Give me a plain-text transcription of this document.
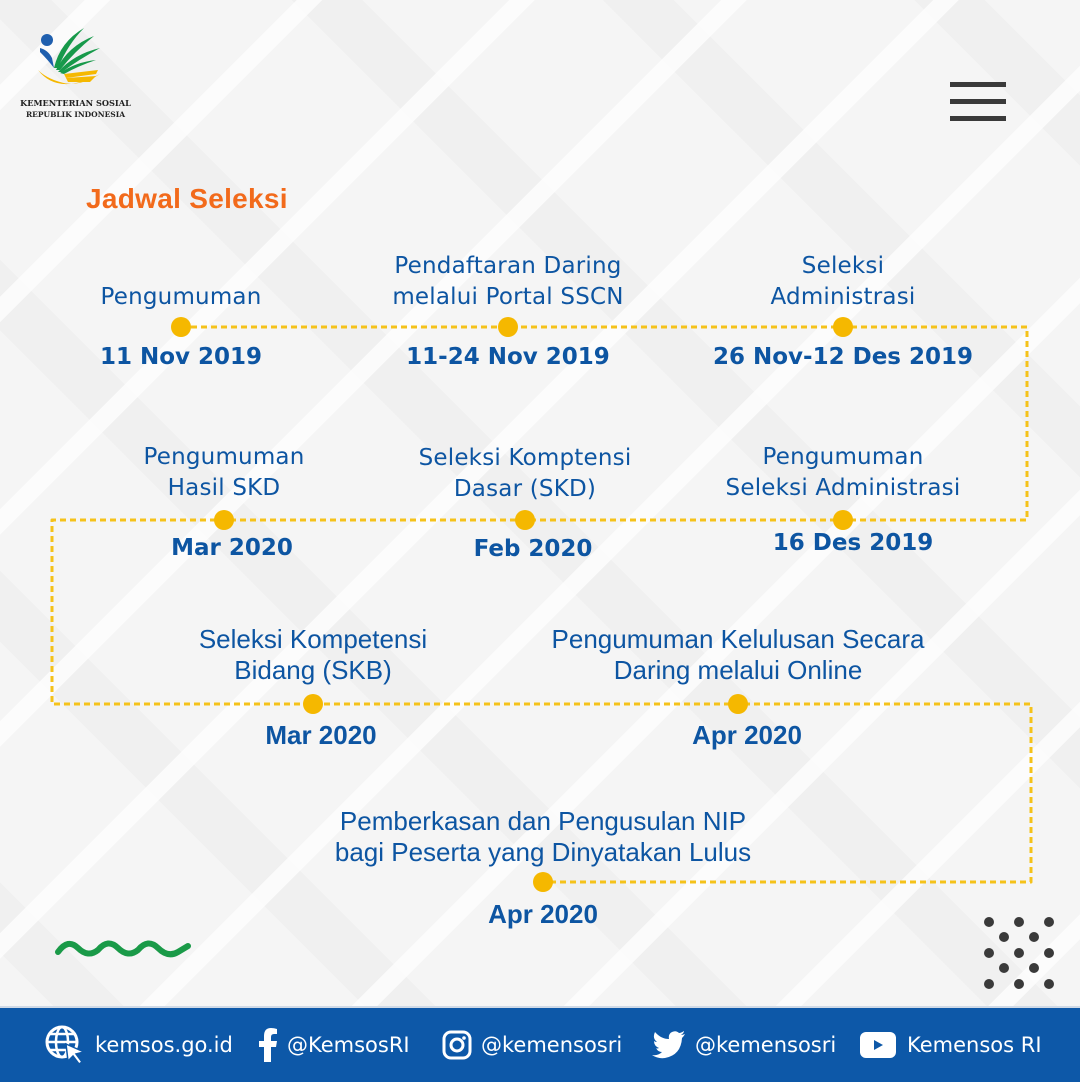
KEMENTERIAN SOSIAL
REPUBLIK INDONESIA
Jadwal Seleksi
Pengumuman
11 Nov 2019
Pendaftaran Daring
melalui Portal SSCN
11-24 Nov 2019
Seleksi
Administrasi
26 Nov-12 Des 2019
Pengumuman
Seleksi Administrasi
16 Des 2019
Seleksi Komptensi
Dasar (SKD)
Feb 2020
Pengumuman
Hasil SKD
Mar 2020
Seleksi Kompetensi
Bidang (SKB)
Mar 2020
Pengumuman Kelulusan Secara
Daring melalui Online
Apr 2020
Pemberkasan dan Pengusulan NIP
bagi Peserta yang Dinyatakan Lulus
Apr 2020
kemsos.go.id	@KemsosRI	@kemensosri	@kemensosri	Kemensos RI
